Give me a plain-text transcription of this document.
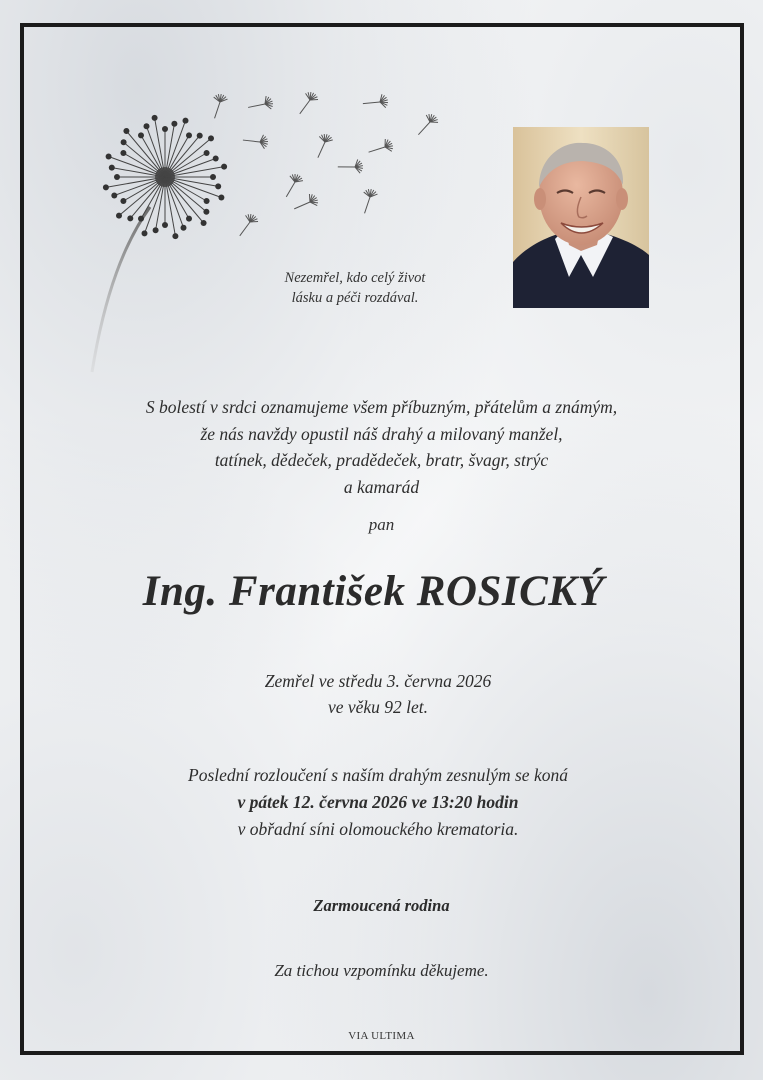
Nezemřel, kdo celý život
lásku a péči rozdával.
S bolestí v srdci oznamujeme všem příbuzným, přátelům a známým,
že nás navždy opustil náš drahý a milovaný manžel,
tatínek, dědeček, pradědeček, bratr, švagr, strýc
a kamarád
pan
Ing. František ROSICKÝ
Zemřel ve středu 3. června 2026
ve věku 92 let.
Poslední rozloučení s naším drahým zesnulým se koná
v pátek 12. června 2026 ve 13:20 hodin
v obřadní síni olomouckého krematoria.
Zarmoucená rodina
Za tichou vzpomínku děkujeme.
VIA ULTIMA
